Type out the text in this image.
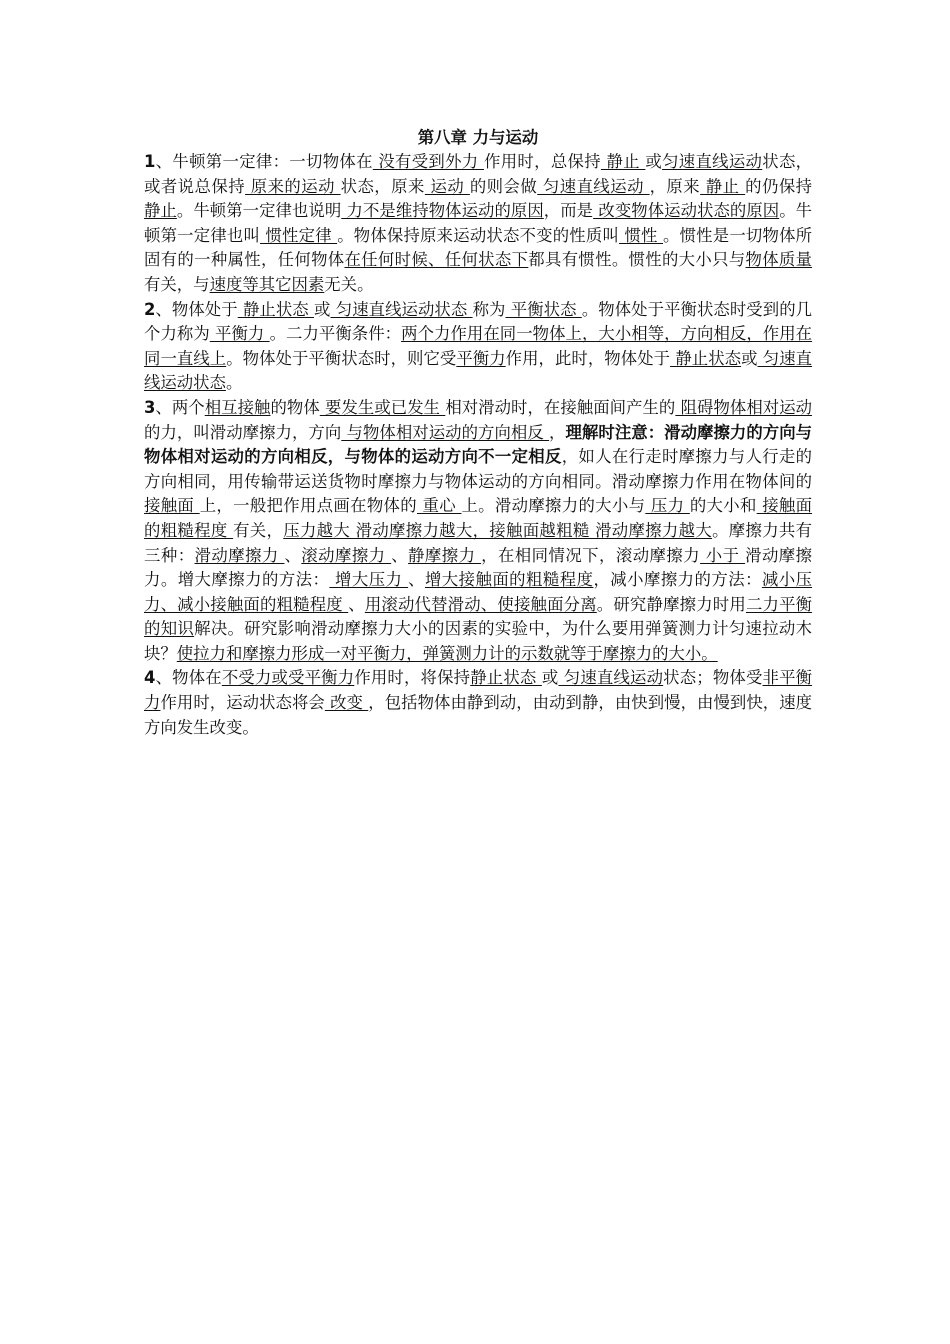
第八章 力与运动

1、牛顿第一定律：一切物体在 没有受到外力 作用时，总保持 静止 或匀速直线运动状态，或者说总保持 原来的运动 状态，原来 运动 的则会做 匀速直线运动 ，原来 静止 的仍保持 静止。牛顿第一定律也说明 力不是维持物体运动的原因，而是 改变物体运动状态的原因。牛顿第一定律也叫 惯性定律 。物体保持原来运动状态不变的性质叫 惯性 。惯性是一切物体所固有的一种属性，任何物体在任何时候、任何状态下都具有惯性。惯性的大小只与物体质量有关，与速度等其它因素无关。

2、物体处于 静止状态 或 匀速直线运动状态 称为 平衡状态 。物体处于平衡状态时受到的几个力称为 平衡力 。二力平衡条件：两个力作用在同一物体上，大小相等，方向相反，作用在同一直线上。物体处于平衡状态时，则它受平衡力作用，此时，物体处于 静止状态或 匀速直线运动状态。

3、两个相互接触的物体 要发生或已发生 相对滑动时，在接触面间产生的 阻碍物体相对运动 的力，叫滑动摩擦力，方向 与物体相对运动的方向相反 ，理解时注意：滑动摩擦力的方向与物体相对运动的方向相反，与物体的运动方向不一定相反，如人在行走时摩擦力与人行走的方向相同，用传输带运送货物时摩擦力与物体运动的方向相同。滑动摩擦力作用在物体间的 接触面 上，一般把作用点画在物体的 重心 上。滑动摩擦力的大小与 压力 的大小和 接触面的粗糙程度 有关，压力越大 滑动摩擦力越大，接触面越粗糙 滑动摩擦力越大。摩擦力共有三种：滑动摩擦力 、滚动摩擦力 、静摩擦力 ，在相同情况下，滚动摩擦力 小于 滑动摩擦力。增大摩擦力的方法： 增大压力 、增大接触面的粗糙程度，减小摩擦力的方法：减小压力、减小接触面的粗糙程度 、用滚动代替滑动、使接触面分离。研究静摩擦力时用二力平衡的知识解决。研究影响滑动摩擦力大小的因素的实验中，为什么要用弹簧测力计匀速拉动木块？使拉力和摩擦力形成一对平衡力，弹簧测力计的示数就等于摩擦力的大小。

4、物体在不受力或受平衡力作用时，将保持静止状态 或 匀速直线运动状态；物体受非平衡力作用时，运动状态将会 改变 ，包括物体由静到动，由动到静，由快到慢，由慢到快，速度方向发生改变。
